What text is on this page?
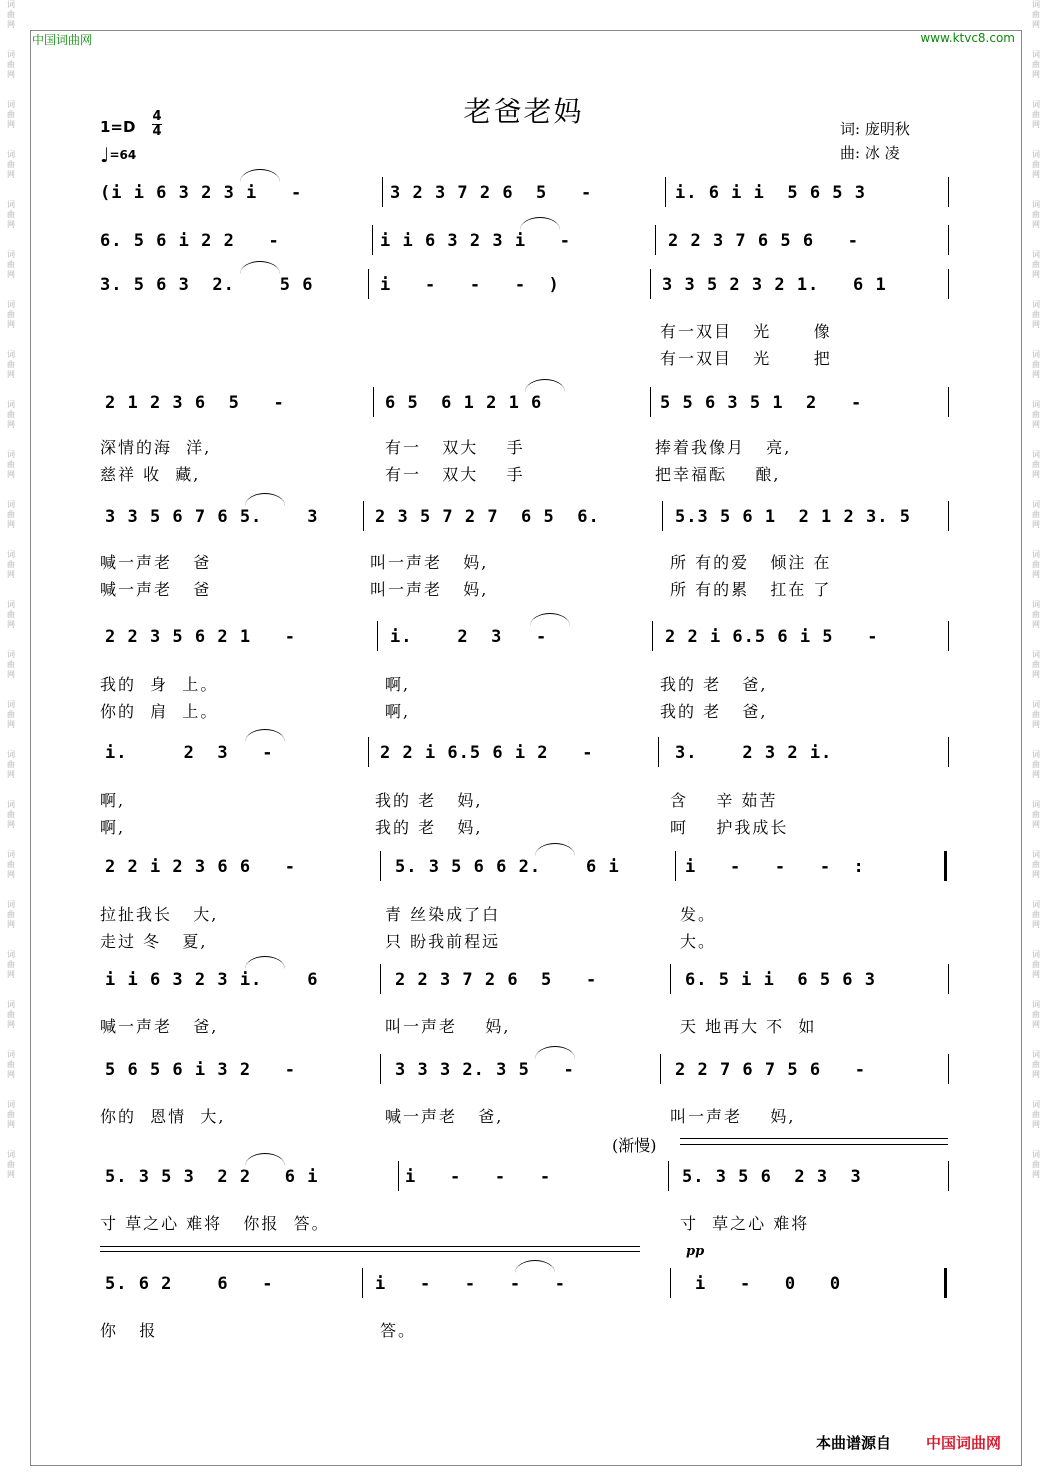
词
曲
网

词
曲
网

词
曲
网

词
曲
网

词
曲
网

词
曲
网

词
曲
网

词
曲
网

词
曲
网

词
曲
网

词
曲
网

词
曲
网

词
曲
网

词
曲
网

词
曲
网

词
曲
网

词
曲
网

词
曲
网

词
曲
网

词
曲
网

词
曲
网

词
曲
网

词
曲
网

词
曲
网

词
曲
网

词
曲
网

词
曲
网

词
曲
网

词
曲
网

词
曲
网

词
曲
网

词
曲
网

词
曲
网

词
曲
网

词
曲
网

词
曲
网

词
曲
网

词
曲
网

词
曲
网

词
曲
网

词
曲
网

词
曲
网

词
曲
网

词
曲
网

词
曲
网

词
曲
网

词
曲
网

词
曲
网

中国词曲网	www.ktvc8.com
老爸老妈
1=D
4
4
♩=64
词: 庞明秋
曲: 冰 凌
(i i 6 3 2 3 i   -	3 2 3 7 2 6  5   -	i. 6 i i  5 6 5 3
6. 5 6 i 2 2   -	i i 6 3 2 3 i   -	2 2 3 7 6 5 6   -
3. 5 6 3  2.    5 6	i   -   -   -  )	3 3 5 2 3 2 1.   6 1
有一双目   光      像
有一双目   光      把
2 1 2 3 6  5   -	6 5  6 1 2 1 6	5 5 6 3 5 1  2   -
深情的海  洋,	有一   双大    手	捧着我像月   亮,
慈祥 收  藏,	有一   双大    手	把幸福酝    酿,
3 3 5 6 7 6 5.    3	2 3 5 7 2 7  6 5  6.	5.3 5 6 1  2 1 2 3. 5
喊一声老   爸	叫一声老   妈,	所 有的爱   倾注 在
喊一声老   爸	叫一声老   妈,	所 有的累   扛在 了
2 2 3 5 6 2 1   -	i.    2  3   -	2 2 i 6.5 6 i 5   -
我的  身  上。	啊,	我的 老   爸,
你的  肩  上。	啊,	我的 老   爸,
i.     2  3   -	2 2 i 6.5 6 i 2   -	3.    2 3 2 i.
啊,	我的 老   妈,	含    辛 茹苦
啊,	我的 老   妈,	呵    护我成长
2 2 i 2 3 6 6   -	5. 3 5 6 6 2.    6 i	i   -   -   -  :
拉扯我长   大,	青 丝染成了白	发。
走过 冬   夏,	只 盼我前程远	大。
i i 6 3 2 3 i.    6	2 2 3 7 2 6  5   -	6. 5 i i  6 5 6 3
喊一声老   爸,	叫一声老    妈,	天 地再大 不  如
5 6 5 6 i 3 2   -	3 3 3 2. 3 5   -	2 2 7 6 7 5 6   -
你的  恩情  大,	喊一声老   爸,	叫一声老    妈,
5. 3 5 3  2 2   6 i	i   -   -   -	5. 3 5 6  2 3  3
寸 草之心 难将   你报  答。	寸  草之心 难将
5. 6 2    6   -	i   -   -   -   -	i   -   0   0
你   报	答。
(渐慢)
pp
本曲谱源自 中国词曲网
